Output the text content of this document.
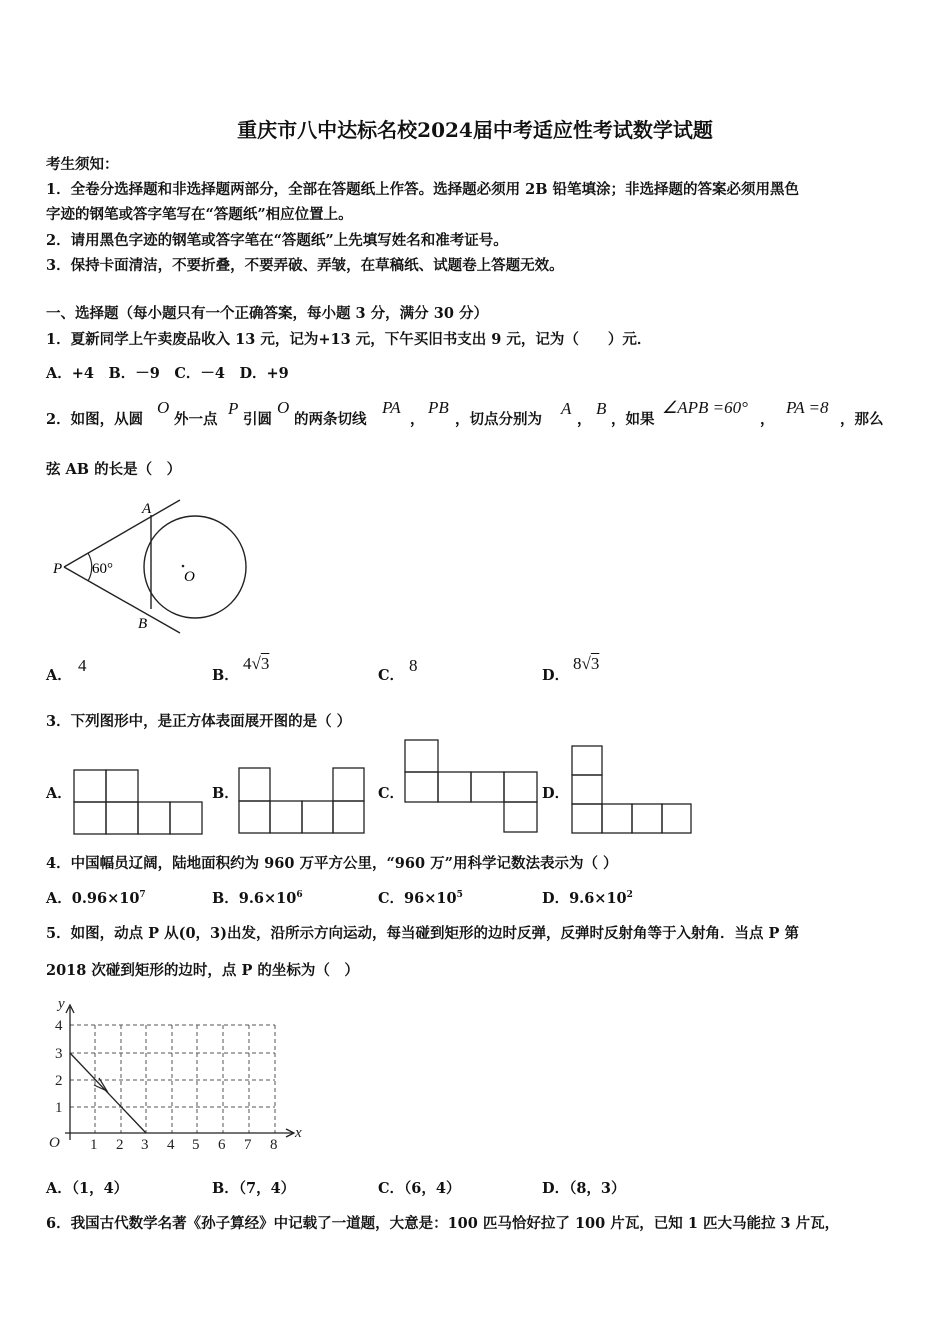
重庆市八中达标名校2024届中考适应性考试数学试题
考生须知：
1．全卷分选择题和非选择题两部分，全部在答题纸上作答。选择题必须用 2B 铅笔填涂；非选择题的答案必须用黑色
字迹的钢笔或答字笔写在“答题纸”相应位置上。
2．请用黑色字迹的钢笔或答字笔在“答题纸”上先填写姓名和准考证号。
3．保持卡面清洁，不要折叠，不要弄破、弄皱，在草稿纸、试题卷上答题无效。
一、选择题（每小题只有一个正确答案，每小题 3 分，满分 30 分）
1．夏新同学上午卖废品收入 13 元，记为+13 元，下午买旧书支出 9 元，记为（　　）元．
A．+4　B．－9　C．－4　D．+9
2．如图，从圆
O
外一点
P
引圆
O
的两条切线
PA
，
PB
，切点分别为
A
，
B
，如果
∠APB =60°
，
PA =8
，那么
弦 AB 的长是（　）
A
B
P	O
60°
A．
4
B．
4√3
C．
8
D．
8√3
3．下列图形中，是正方体表面展开图的是（ ）
A．	B．	C．	D．
4．中国幅员辽阔，陆地面积约为 960 万平方公里，“960 万”用科学记数法表示为（ ）
A．$0.96\times 10^7$	B．$9.6\times 10^6$	C．$96\times 10^5$	D．$9.6\times 10^2$
5．如图，动点 P 从(0，3)出发，沿所示方向运动，每当碰到矩形的边时反弹，反弹时反射角等于入射角．当点 P 第
2018 次碰到矩形的边时，点 P 的坐标为（　）
y
x
O
1
2
3
4
1 2 3 4 5 6 7 8
A．（1，4）	B．（7，4）	C．（6，4）	D．（8，3）
6．我国古代数学名著《孙子算经》中记载了一道题，大意是：100 匹马恰好拉了 100 片瓦，已知 1 匹大马能拉 3 片瓦，
